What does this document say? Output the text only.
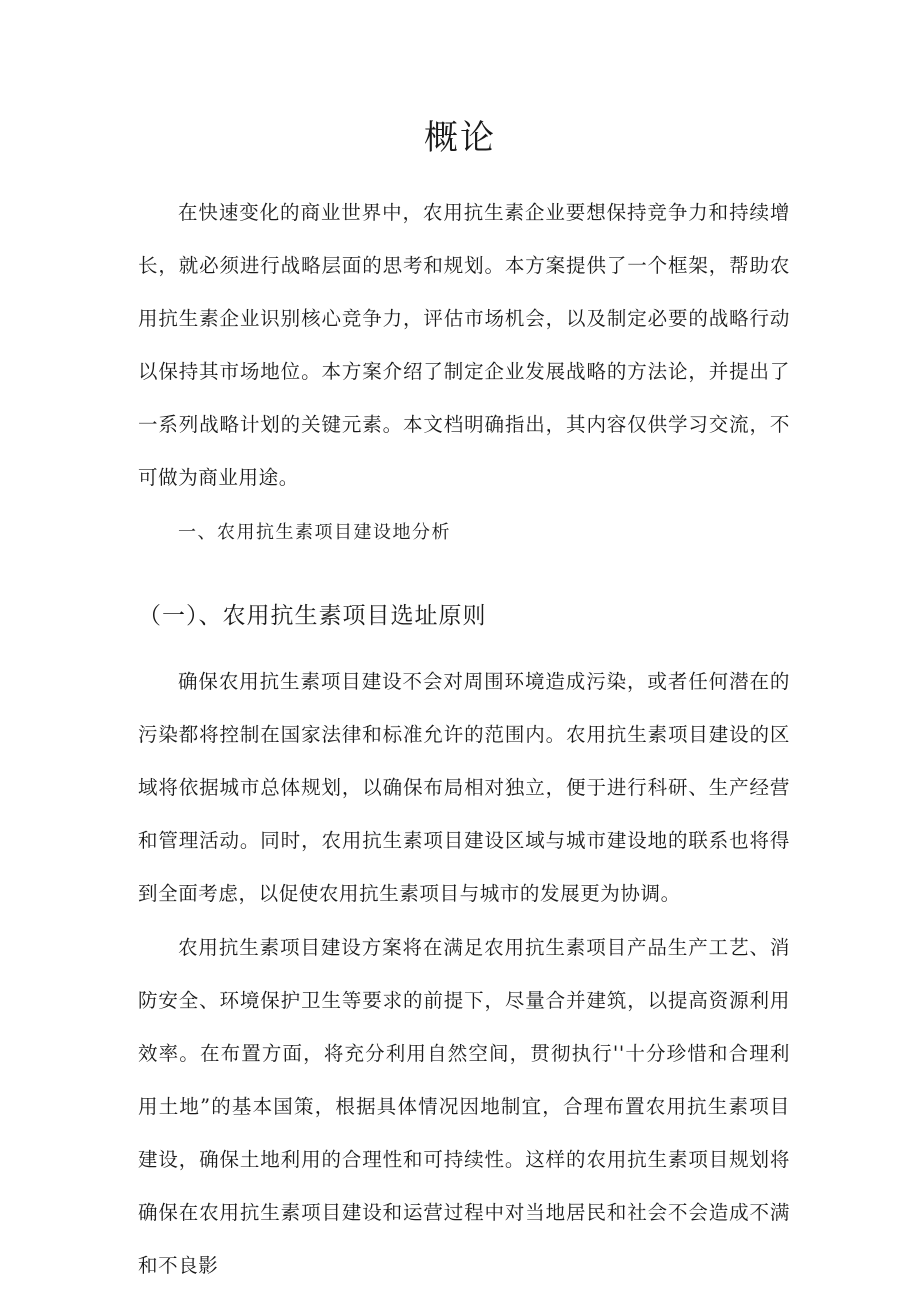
概论

在快速变化的商业世界中，农用抗生素企业要想保持竞争力和持续增长，就必须进行战略层面的思考和规划。本方案提供了一个框架，帮助农用抗生素企业识别核心竞争力，评估市场机会，以及制定必要的战略行动以保持其市场地位。本方案介绍了制定企业发展战略的方法论，并提出了一系列战略计划的关键元素。本文档明确指出，其内容仅供学习交流，不可做为商业用途。

一、农用抗生素项目建设地分析
（一）、农用抗生素项目选址原则

确保农用抗生素项目建设不会对周围环境造成污染，或者任何潜在的污染都将控制在国家法律和标准允许的范围内。农用抗生素项目建设的区域将依据城市总体规划，以确保布局相对独立，便于进行科研、生产经营和管理活动。同时，农用抗生素项目建设区域与城市建设地的联系也将得到全面考虑，以促使农用抗生素项目与城市的发展更为协调。

农用抗生素项目建设方案将在满足农用抗生素项目产品生产工艺、消防安全、环境保护卫生等要求的前提下，尽量合并建筑，以提高资源利用效率。在布置方面，将充分利用自然空间，贯彻执行''十分珍惜和合理利用土地”的基本国策，根据具体情况因地制宜，合理布置农用抗生素项目建设，确保土地利用的合理性和可持续性。这样的农用抗生素项目规划将确保在农用抗生素项目建设和运营过程中对当地居民和社会不会造成不满和不良影
